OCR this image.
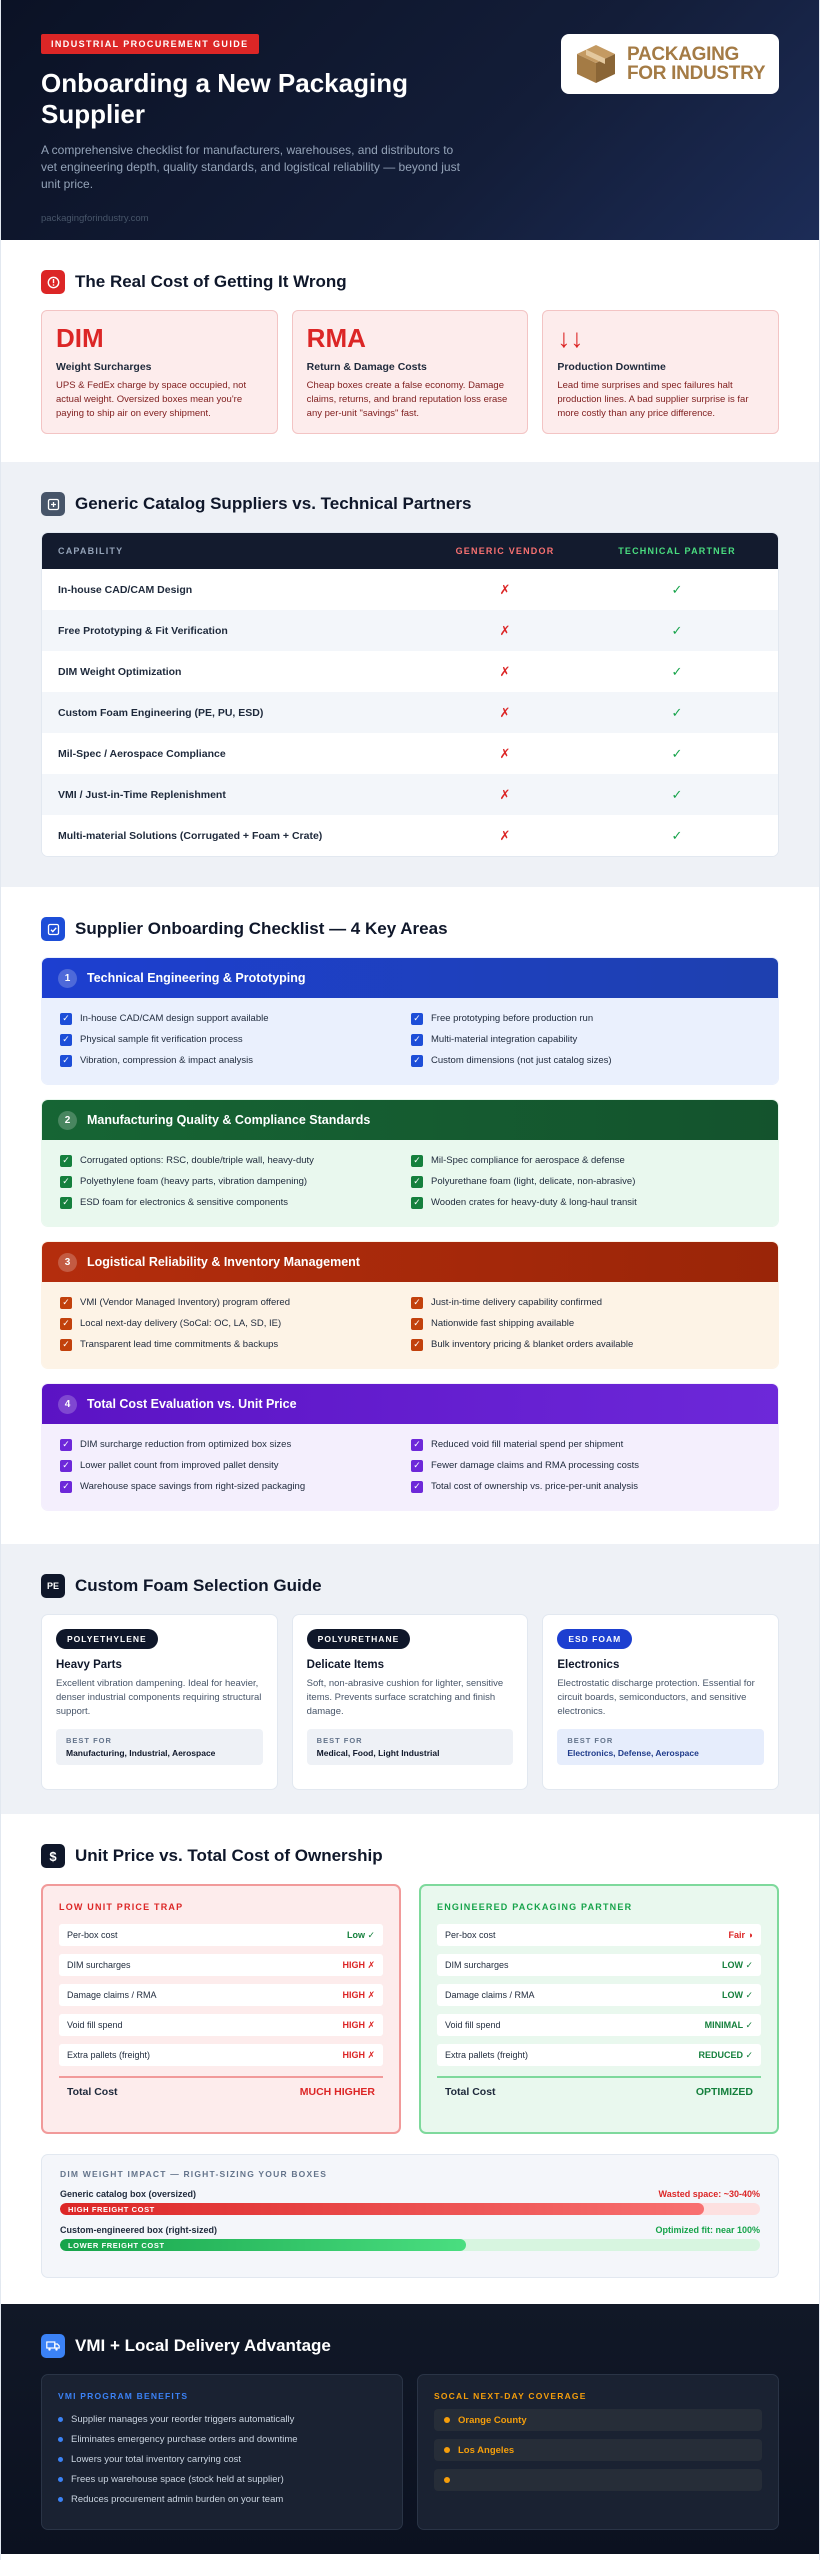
INDUSTRIAL PROCUREMENT GUIDE
Onboarding a New Packaging Supplier

A comprehensive checklist for manufacturers, warehouses, and distributors to vet engineering depth, quality standards, and logistical reliability — beyond just unit price.

packagingforindustry.com
PACKAGING
FOR INDUSTRY
The Real Cost of Getting It Wrong
DIM
Weight Surcharges
UPS & FedEx charge by space occupied, not actual weight. Oversized boxes mean you're paying to ship air on every shipment.
RMA
Return & Damage Costs
Cheap boxes create a false economy. Damage claims, returns, and brand reputation loss erase any per-unit "savings" fast.
↓↓
Production Downtime
Lead time surprises and spec failures halt production lines. A bad supplier surprise is far more costly than any price difference.
Generic Catalog Suppliers vs. Technical Partners
CAPABILITY	GENERIC VENDOR	TECHNICAL PARTNER
In-house CAD/CAM Design	✗	✓
Free Prototyping & Fit Verification	✗	✓
DIM Weight Optimization	✗	✓
Custom Foam Engineering (PE, PU, ESD)	✗	✓
Mil-Spec / Aerospace Compliance	✗	✓
VMI / Just-in-Time Replenishment	✗	✓
Multi-material Solutions (Corrugated + Foam + Crate)	✗	✓
Supplier Onboarding Checklist — 4 Key Areas
1	Technical Engineering & Prototyping
✓ In-house CAD/CAM design support available
✓ Physical sample fit verification process
✓ Vibration, compression & impact analysis
✓ Free prototyping before production run
✓ Multi-material integration capability
✓ Custom dimensions (not just catalog sizes)
2	Manufacturing Quality & Compliance Standards
✓ Corrugated options: RSC, double/triple wall, heavy-duty
✓ Polyethylene foam (heavy parts, vibration dampening)
✓ ESD foam for electronics & sensitive components
✓ Mil-Spec compliance for aerospace & defense
✓ Polyurethane foam (light, delicate, non-abrasive)
✓ Wooden crates for heavy-duty & long-haul transit
3	Logistical Reliability & Inventory Management
✓ VMI (Vendor Managed Inventory) program offered
✓ Local next-day delivery (SoCal: OC, LA, SD, IE)
✓ Transparent lead time commitments & backups
✓ Just-in-time delivery capability confirmed
✓ Nationwide fast shipping available
✓ Bulk inventory pricing & blanket orders available
4	Total Cost Evaluation vs. Unit Price
✓ DIM surcharge reduction from optimized box sizes
✓ Lower pallet count from improved pallet density
✓ Warehouse space savings from right-sized packaging
✓ Reduced void fill material spend per shipment
✓ Fewer damage claims and RMA processing costs
✓ Total cost of ownership vs. price-per-unit analysis
PE Custom Foam Selection Guide
POLYETHYLENE
Heavy Parts
Excellent vibration dampening. Ideal for heavier, denser industrial components requiring structural support.
BEST FOR
Manufacturing, Industrial, Aerospace
POLYURETHANE
Delicate Items
Soft, non-abrasive cushion for lighter, sensitive items. Prevents surface scratching and finish damage.
BEST FOR
Medical, Food, Light Industrial
ESD FOAM
Electronics
Electrostatic discharge protection. Essential for circuit boards, semiconductors, and sensitive electronics.
BEST FOR
Electronics, Defense, Aerospace
$	Unit Price vs. Total Cost of Ownership
LOW UNIT PRICE TRAP
Per-box cost	Low ✓
DIM surcharges	HIGH ✗
Damage claims / RMA	HIGH ✗
Void fill spend	HIGH ✗
Extra pallets (freight)	HIGH ✗
Total Cost	MUCH HIGHER
ENGINEERED PACKAGING PARTNER
Per-box cost	Fair ◑
DIM surcharges	LOW ✓
Damage claims / RMA	LOW ✓
Void fill spend	MINIMAL ✓
Extra pallets (freight)	REDUCED ✓
Total Cost	OPTIMIZED
DIM WEIGHT IMPACT — RIGHT-SIZING YOUR BOXES
Generic catalog box (oversized)	Wasted space: ~30-40%
HIGH FREIGHT COST
Custom-engineered box (right-sized)	Optimized fit: near 100%
LOWER FREIGHT COST
VMI + Local Delivery Advantage
VMI PROGRAM BENEFITS
Supplier manages your reorder triggers automatically
Eliminates emergency purchase orders and downtime
Lowers your total inventory carrying cost
Frees up warehouse space (stock held at supplier)
Reduces procurement admin burden on your team
SOCAL NEXT-DAY COVERAGE
Orange County
Los Angeles
